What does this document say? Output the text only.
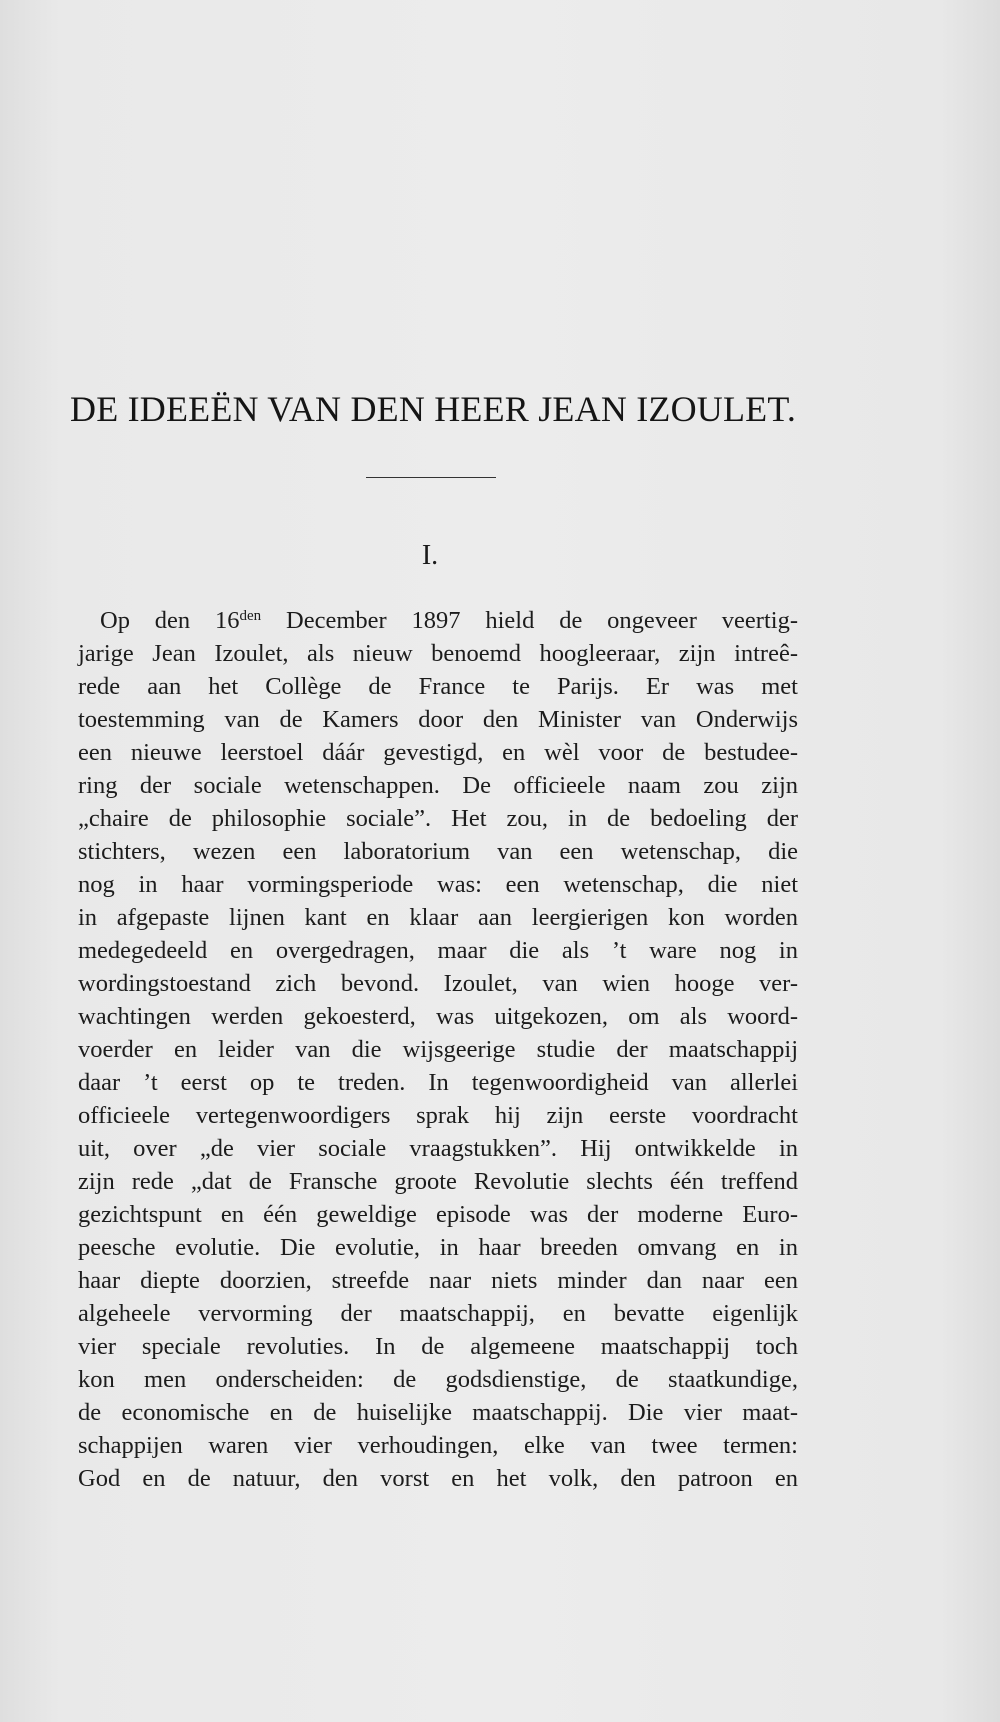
DE IDEEËN VAN DEN HEER JEAN IZOULET.
I.
Op den $16^{den}$ December 1897 hield de ongeveer veertig-
jarige Jean Izoulet, als nieuw benoemd hoogleeraar, zijn intreê-
rede aan het Collège de France te Parijs. Er was met
toestemming van de Kamers door den Minister van Onderwijs
een nieuwe leerstoel dáár gevestigd, en wèl voor de bestudee-
ring der sociale wetenschappen. De officieele naam zou zijn
„chaire de philosophie sociale”. Het zou, in de bedoeling der
stichters, wezen een laboratorium van een wetenschap, die
nog in haar vormingsperiode was: een wetenschap, die niet
in afgepaste lijnen kant en klaar aan leergierigen kon worden
medegedeeld en overgedragen, maar die als ’t ware nog in
wordingstoestand zich bevond. Izoulet, van wien hooge ver-
wachtingen werden gekoesterd, was uitgekozen, om als woord-
voerder en leider van die wijsgeerige studie der maatschappij
daar ’t eerst op te treden. In tegenwoordigheid van allerlei
officieele vertegenwoordigers sprak hij zijn eerste voordracht
uit, over „de vier sociale vraagstukken”. Hij ontwikkelde in
zijn rede „dat de Fransche groote Revolutie slechts één treffend
gezichtspunt en één geweldige episode was der moderne Euro-
peesche evolutie. Die evolutie, in haar breeden omvang en in
haar diepte doorzien, streefde naar niets minder dan naar een
algeheele vervorming der maatschappij, en bevatte eigenlijk
vier speciale revoluties. In de algemeene maatschappij toch
kon men onderscheiden: de godsdienstige, de staatkundige,
de economische en de huiselijke maatschappij. Die vier maat-
schappijen waren vier verhoudingen, elke van twee termen:
God en de natuur, den vorst en het volk, den patroon en
